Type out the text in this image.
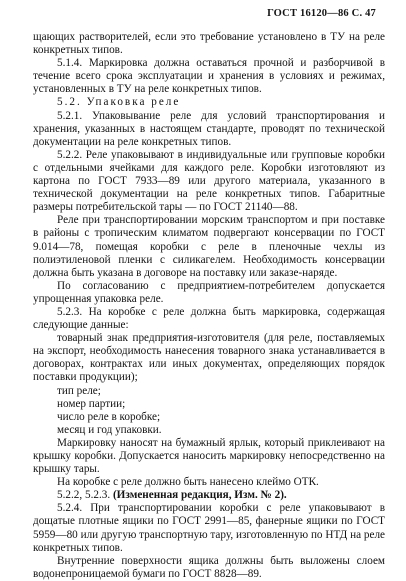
ГОСТ 16120—86 С. 47

щающих растворителей, если это требование установлено в ТУ на реле конкретных типов.

5.1.4. Маркировка должна оставаться прочной и разборчивой в течение всего срока эксплуатации и хранения в условиях и режимах, установленных в ТУ на реле конкретных типов.

5.2. Упаковка реле

5.2.1. Упаковывание реле для условий транспортирования и хранения, указанных в настоящем стандарте, проводят по технической документации на реле конкретных типов.

5.2.2. Реле упаковывают в индивидуальные или групповые коробки с отдельными ячейками для каждого реле. Коробки изготовляют из картона по ГОСТ 7933—89 или другого материала, указанного в технической документации на реле конкретных типов. Габаритные размеры потребительской тары — по ГОСТ 21140—88.

Реле при транспортировании морским транспортом и при поставке в районы с тропическим климатом подвергают консервации по ГОСТ 9.014—78, помещая коробки с реле в пленочные чехлы из полиэтиленовой пленки с силикагелем. Необходимость консервации должна быть указана в договоре на поставку или заказе-наряде.

По согласованию с предприятием-потребителем допускается упрощенная упаковка реле.

5.2.3. На коробке с реле должна быть маркировка, содержащая следующие данные:

товарный знак предприятия-изготовителя (для реле, поставляемых на экспорт, необходимость нанесения товарного знака устанавливается в договорах, контрактах или иных документах, определяющих порядок поставки продукции);

тип реле;

номер партии;

число реле в коробке;

месяц и год упаковки.

Маркировку наносят на бумажный ярлык, который приклеивают на крышку коробки. Допускается наносить маркировку непосредственно на крышку тары.

На коробке с реле должно быть нанесено клеймо ОТК.

5.2.2, 5.2.3. (Измененная редакция, Изм. № 2).

5.2.4. При транспортировании коробки с реле упаковывают в дощатые плотные ящики по ГОСТ 2991—85, фанерные ящики по ГОСТ 5959—80 или другую транспортную тару, изготовленную по НТД на реле конкретных типов.

Внутренние поверхности ящика должны быть выложены слоем водонепроницаемой бумаги по ГОСТ 8828—89.
